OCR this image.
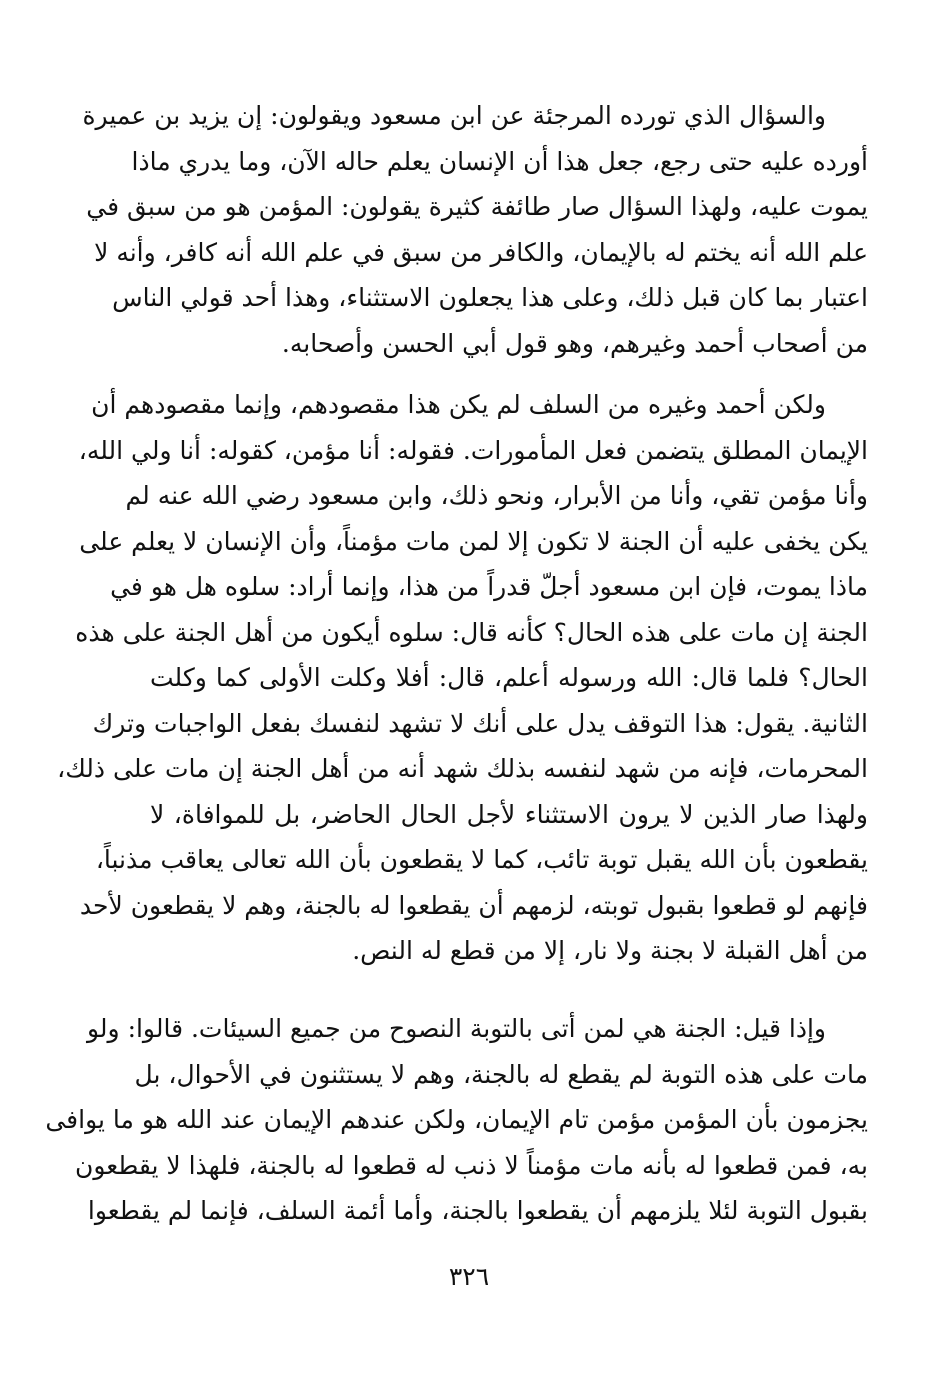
والسؤال الذي تورده المرجئة عن ابن مسعود ويقولون: إن يزيد بن عميرة
أورده عليه حتى رجع، جعل هذا أن الإنسان يعلم حاله الآن، وما يدري ماذا
يموت عليه، ولهذا السؤال صار طائفة كثيرة يقولون: المؤمن هو من سبق في
علم الله أنه يختم له بالإيمان، والكافر من سبق في علم الله أنه كافر، وأنه لا
اعتبار بما كان قبل ذلك، وعلى هذا يجعلون الاستثناء، وهذا أحد قولي الناس
من أصحاب أحمد وغيرهم، وهو قول أبي الحسن وأصحابه.
ولكن أحمد وغيره من السلف لم يكن هذا مقصودهم، وإنما مقصودهم أن
الإيمان المطلق يتضمن فعل المأمورات. فقوله: أنا مؤمن، كقوله: أنا ولي الله،
وأنا مؤمن تقي، وأنا من الأبرار، ونحو ذلك، وابن مسعود رضي الله عنه لم
يكن يخفى عليه أن الجنة لا تكون إلا لمن مات مؤمناً، وأن الإنسان لا يعلم على
ماذا يموت، فإن ابن مسعود أجلّ قدراً من هذا، وإنما أراد: سلوه هل هو في
الجنة إن مات على هذه الحال؟ كأنه قال: سلوه أيكون من أهل الجنة على هذه
الحال؟ فلما قال: الله ورسوله أعلم، قال: أفلا وكلت الأولى كما وكلت
الثانية. يقول: هذا التوقف يدل على أنك لا تشهد لنفسك بفعل الواجبات وترك
المحرمات، فإنه من شهد لنفسه بذلك شهد أنه من أهل الجنة إن مات على ذلك،
ولهذا صار الذين لا يرون الاستثناء لأجل الحال الحاضر، بل للموافاة، لا
يقطعون بأن الله يقبل توبة تائب، كما لا يقطعون بأن الله تعالى يعاقب مذنباً،
فإنهم لو قطعوا بقبول توبته، لزمهم أن يقطعوا له بالجنة، وهم لا يقطعون لأحد
من أهل القبلة لا بجنة ولا نار، إلا من قطع له النص.
وإذا قيل: الجنة هي لمن أتى بالتوبة النصوح من جميع السيئات. قالوا: ولو
مات على هذه التوبة لم يقطع له بالجنة، وهم لا يستثنون في الأحوال، بل
يجزمون بأن المؤمن مؤمن تام الإيمان، ولكن عندهم الإيمان عند الله هو ما يوافى
به، فمن قطعوا له بأنه مات مؤمناً لا ذنب له قطعوا له بالجنة، فلهذا لا يقطعون
بقبول التوبة لئلا يلزمهم أن يقطعوا بالجنة، وأما أئمة السلف، فإنما لم يقطعوا
٣٢٦
